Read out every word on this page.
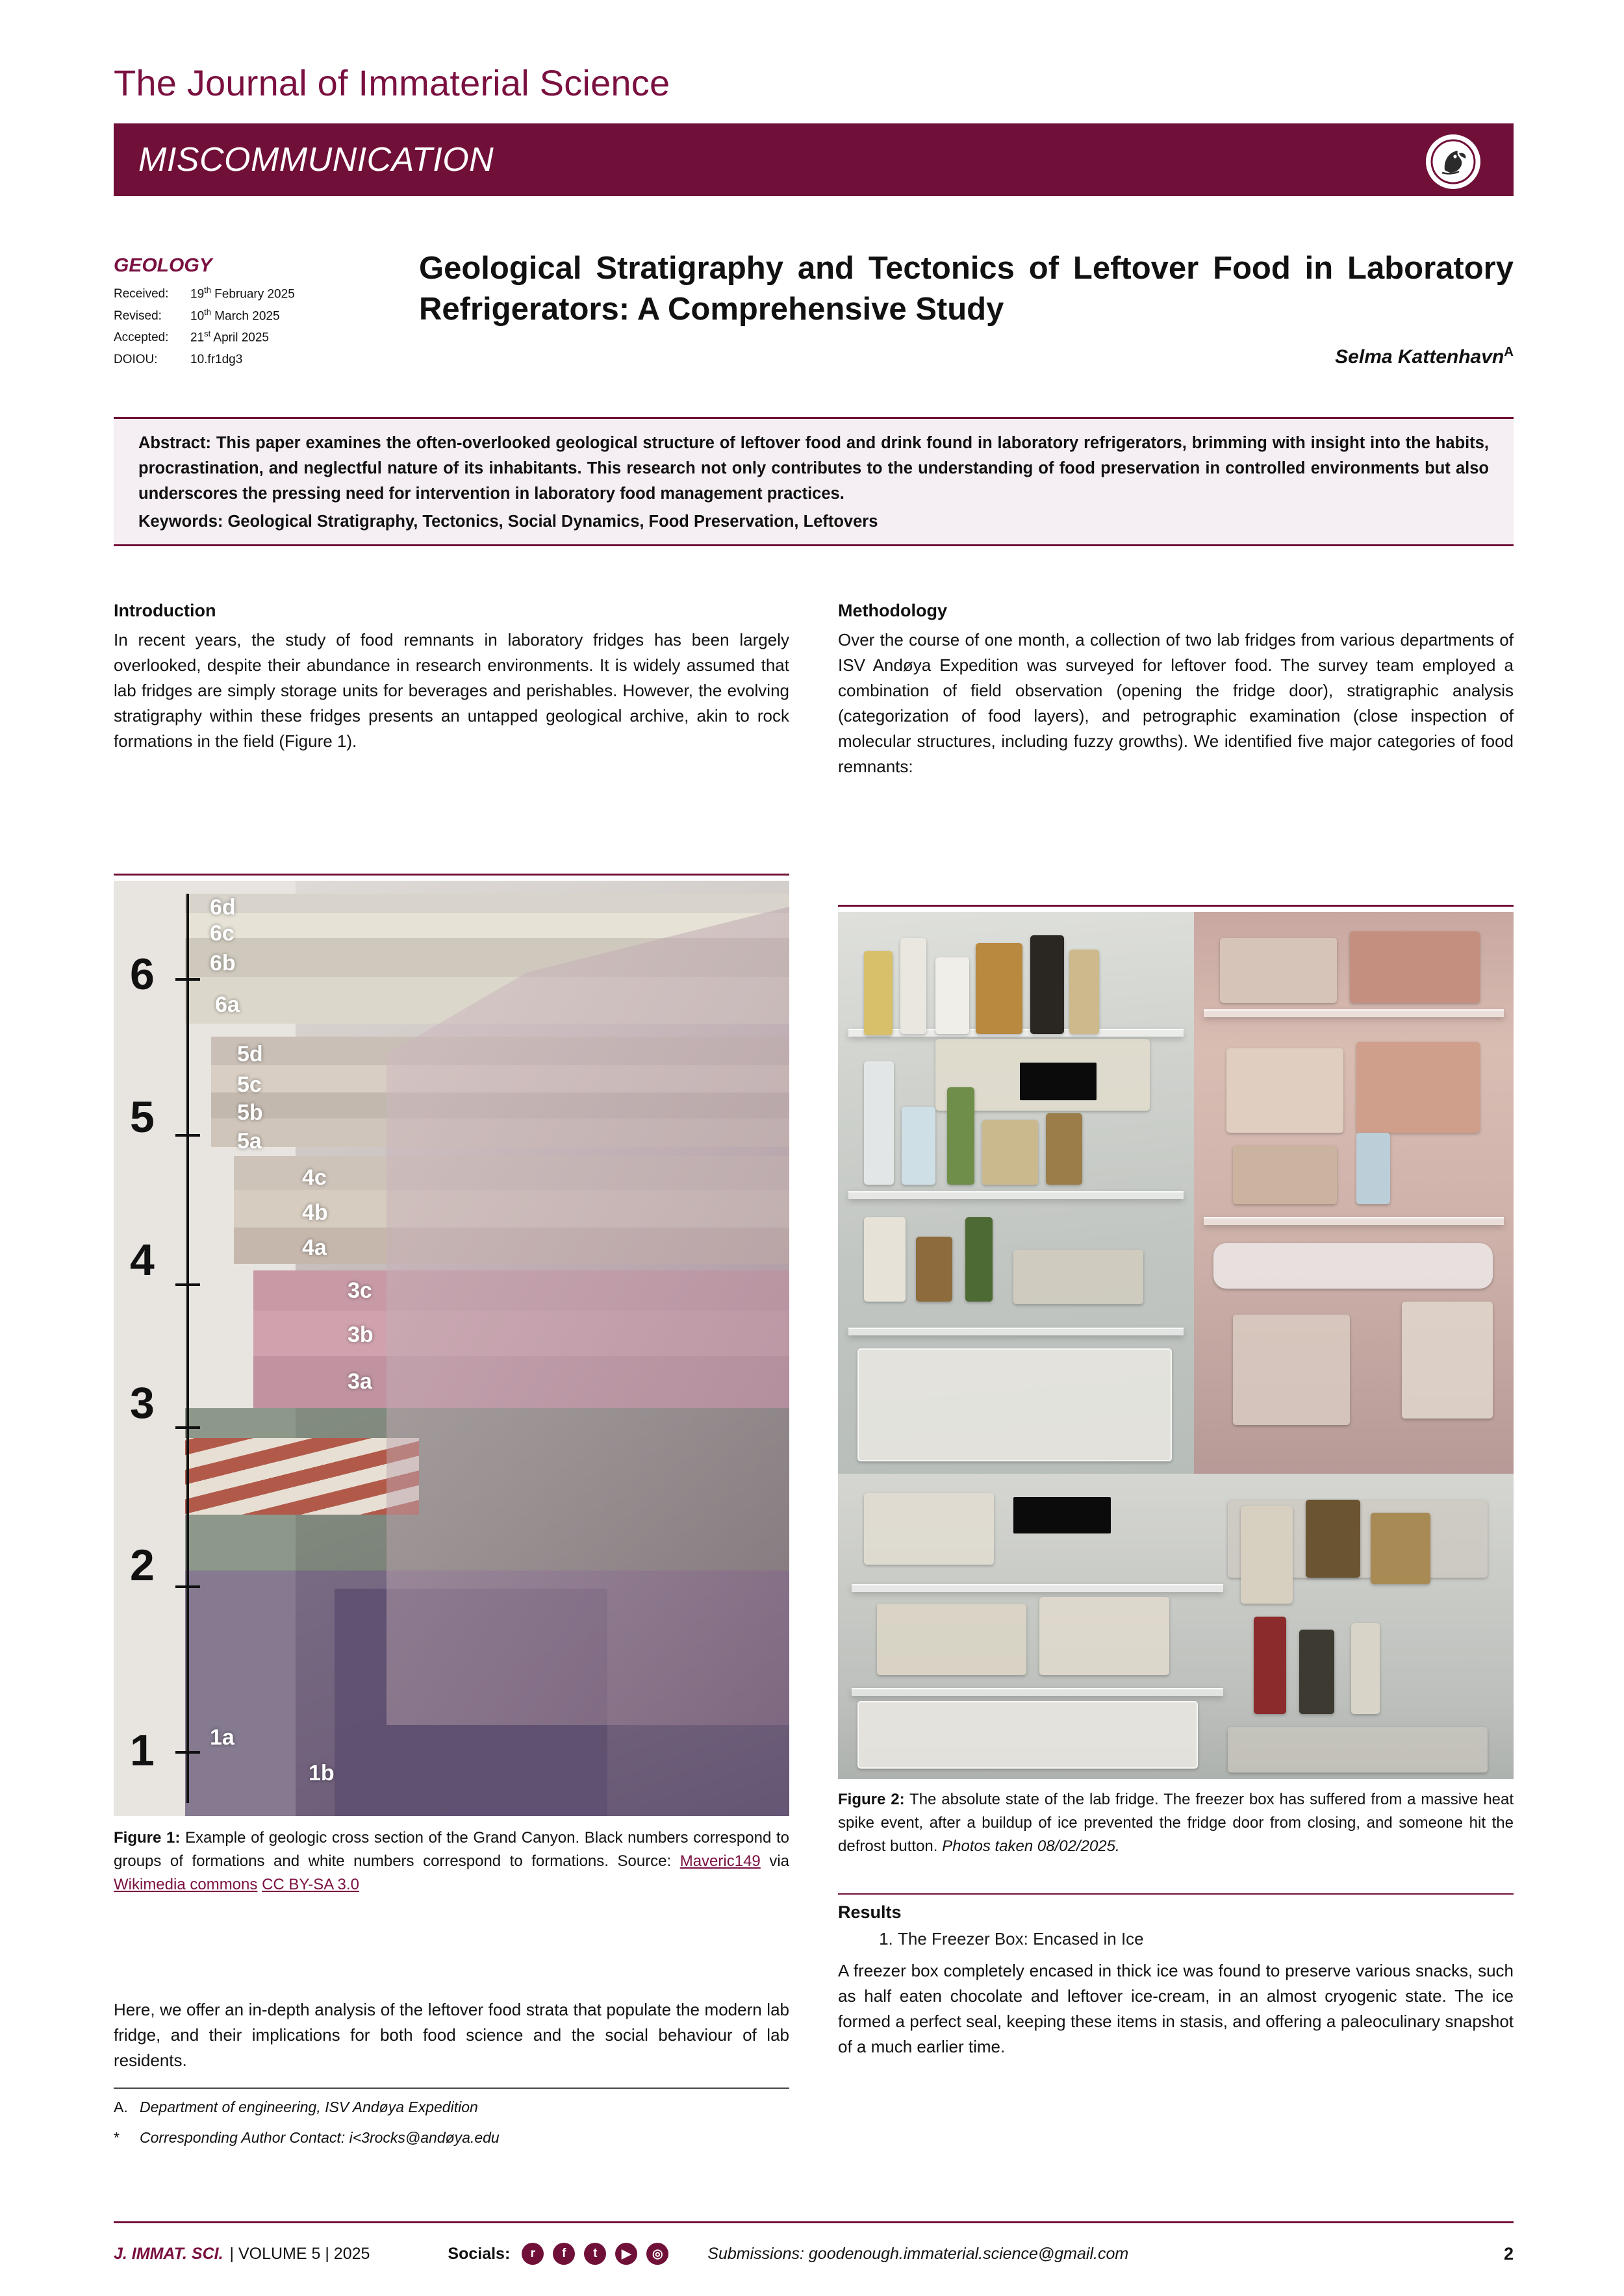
The Journal of Immaterial Science
MISCOMMUNICATION
GEOLOGY
Received:	19th February 2025
Revised:	10th March 2025
Accepted:	21st April 2025
DOIOU:	10.fr1dg3
Geological Stratigraphy and Tectonics of Leftover Food in Laboratory Refrigerators: A Comprehensive Study
Selma Kattenhavn$^A$
Abstract: This paper examines the often-overlooked geological structure of leftover food and drink found in laboratory refrigerators, brimming with insight into the habits, procrastination, and neglectful nature of its inhabitants. This research not only contributes to the understanding of food preservation in controlled environments but also underscores the pressing need for intervention in laboratory food management practices.
Keywords: Geological Stratigraphy, Tectonics, Social Dynamics, Food Preservation, Leftovers
Introduction

In recent years, the study of food remnants in laboratory fridges has been largely overlooked, despite their abundance in research environments. It is widely assumed that lab fridges are simply storage units for beverages and perishables. However, the evolving stratigraphy within these fridges presents an untapped geological archive, akin to rock formations in the field (Figure 1).

Methodology

Over the course of one month, a collection of two lab fridges from various departments of ISV Andøya Expedition was surveyed for leftover food. The survey team employed a combination of field observation (opening the fridge door), stratigraphic analysis (categorization of food layers), and petrographic examination (close inspection of molecular structures, including fuzzy growths). We identified five major categories of food remnants:

6
5
4
3
2
1
6d
6c
6b
6a
5d
5c
5b
5a
4c
4b
4a
3c
3b
3a
1a
1b
Figure 1: Example of geologic cross section of the Grand Canyon. Black numbers correspond to groups of formations and white numbers correspond to formations. Source: Maveric149 via Wikimedia commons CC BY-SA 3.0

Here, we offer an in-depth analysis of the leftover food strata that populate the modern lab fridge, and their implications for both food science and the social behaviour of lab residents.

A. Department of engineering, ISV Andøya Expedition
* Corresponding Author Contact: i<3rocks@andøya.edu
Figure 2: The absolute state of the lab fridge. The freezer box has suffered from a massive heat spike event, after a buildup of ice prevented the fridge door from closing, and someone hit the defrost button. Photos taken 08/02/2025.
Results
1. The Freezer Box: Encased in Ice

A freezer box completely encased in thick ice was found to preserve various snacks, such as half eaten chocolate and leftover ice-cream, in an almost cryogenic state. The ice formed a perfect seal, keeping these items in stasis, and offering a paleoculinary snapshot of a much earlier time.

J. IMMAT. SCI. | VOLUME 5 | 2025	Socials:	r	f	t	▶	◎	Submissions: goodenough.immaterial.science@gmail.com	2
